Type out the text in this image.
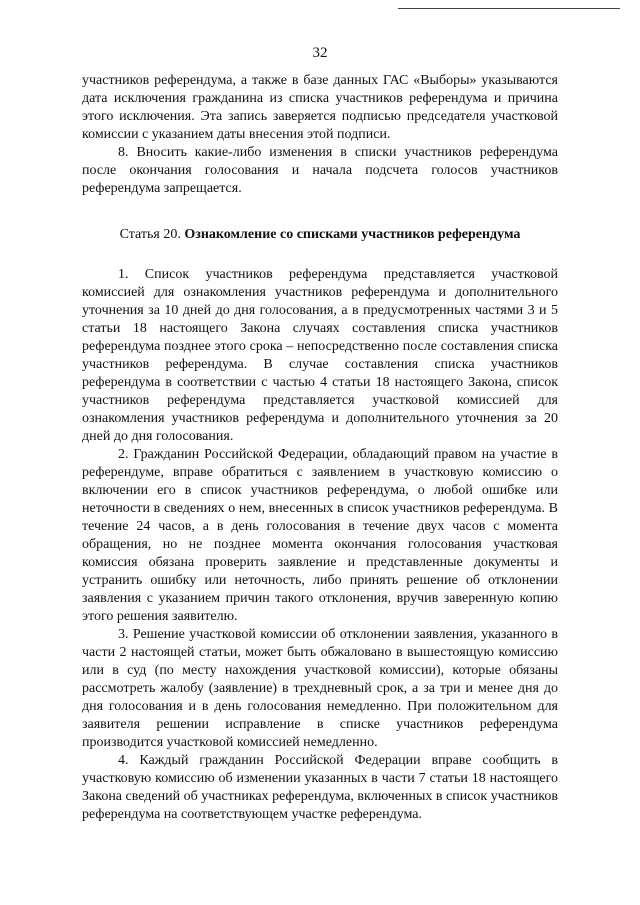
32

участников референдума, а также в базе данных ГАС «Выборы» указываются дата исключения гражданина из списка участников референдума и причина этого исключения. Эта запись заверяется подписью председателя участковой комиссии с указанием даты внесения этой подписи.

8. Вносить какие-либо изменения в списки участников референдума после окончания голосования и начала подсчета голосов участников референдума запрещается.

Статья 20. Ознакомление со списками участников референдума

1. Список участников референдума представляется участковой комиссией для ознакомления участников референдума и дополнительного уточнения за 10 дней до дня голосования, а в предусмотренных частями 3 и 5 статьи 18 настоящего Закона случаях составления списка участников референдума позднее этого срока – непосредственно после составления списка участников референдума. В случае составления списка участников референдума в соответствии с частью 4 статьи 18 настоящего Закона, список участников референдума представляется участковой комиссией для ознакомления участников референдума и дополнительного уточнения за 20 дней до дня голосования.

2. Гражданин Российской Федерации, обладающий правом на участие в референдуме, вправе обратиться с заявлением в участковую комиссию о включении его в список участников референдума, о любой ошибке или неточности в сведениях о нем, внесенных в список участников референдума. В течение 24 часов, а в день голосования в течение двух часов с момента обращения, но не позднее момента окончания голосования участковая комиссия обязана проверить заявление и представленные документы и устранить ошибку или неточность, либо принять решение об отклонении заявления с указанием причин такого отклонения, вручив заверенную копию этого решения заявителю.

3. Решение участковой комиссии об отклонении заявления, указанного в части 2 настоящей статьи, может быть обжаловано в вышестоящую комиссию или в суд (по месту нахождения участковой комиссии), которые обязаны рассмотреть жалобу (заявление) в трехдневный срок, а за три и менее дня до дня голосования и в день голосования немедленно. При положительном для заявителя решении исправление в списке участников референдума производится участковой комиссией немедленно.

4. Каждый гражданин Российской Федерации вправе сообщить в участковую комиссию об изменении указанных в части 7 статьи 18 настоящего Закона сведений об участниках референдума, включенных в список участников референдума на соответствующем участке референдума.
